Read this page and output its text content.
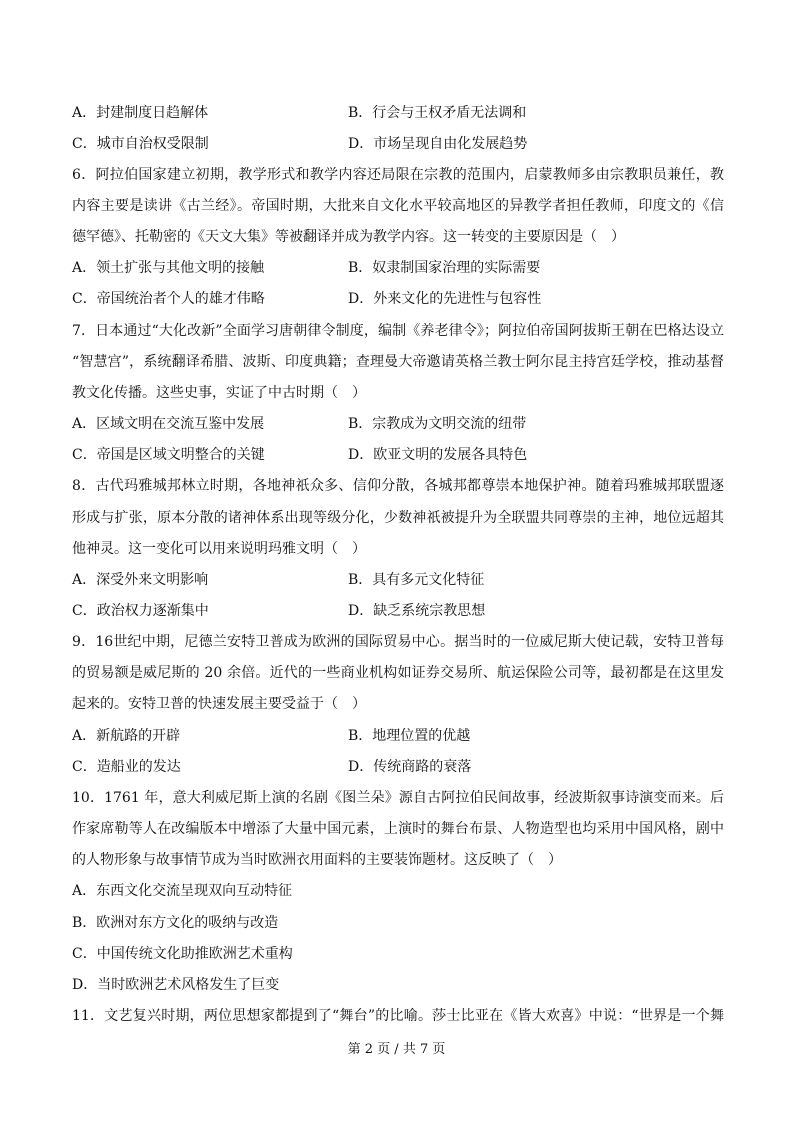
A．封建制度日趋解体	B．行会与王权矛盾无法调和
C．城市自治权受限制	D．市场呈现自由化发展趋势
6．阿拉伯国家建立初期，教学形式和教学内容还局限在宗教的范围内，启蒙教师多由宗教职员兼任，教
内容主要是读讲《古兰经》。帝国时期，大批来自文化水平较高地区的异教学者担任教师，印度文的《信
德罕德》、托勒密的《天文大集》等被翻译并成为教学内容。这一转变的主要原因是（　）
A．领土扩张与其他文明的接触	B．奴隶制国家治理的实际需要
C．帝国统治者个人的雄才伟略	D．外来文化的先进性与包容性
7．日本通过“大化改新”全面学习唐朝律令制度，编制《养老律令》；阿拉伯帝国阿拔斯王朝在巴格达设立
“智慧宫”，系统翻译希腊、波斯、印度典籍；查理曼大帝邀请英格兰教士阿尔昆主持宫廷学校，推动基督
教文化传播。这些史事，实证了中古时期（　）
A．区域文明在交流互鉴中发展	B．宗教成为文明交流的纽带
C．帝国是区域文明整合的关键	D．欧亚文明的发展各具特色
8．古代玛雅城邦林立时期，各地神祇众多、信仰分散，各城邦都尊崇本地保护神。随着玛雅城邦联盟逐
形成与扩张，原本分散的诸神体系出现等级分化，少数神祇被提升为全联盟共同尊崇的主神，地位远超其
他神灵。这一变化可以用来说明玛雅文明（　）
A．深受外来文明影响	B．具有多元文化特征
C．政治权力逐渐集中	D．缺乏系统宗教思想
9．16世纪中期，尼德兰安特卫普成为欧洲的国际贸易中心。据当时的一位威尼斯大使记载，安特卫普每
的贸易额是威尼斯的 20 余倍。近代的一些商业机构如证券交易所、航运保险公司等，最初都是在这里发
起来的。安特卫普的快速发展主要受益于（　）
A．新航路的开辟	B．地理位置的优越
C．造船业的发达	D．传统商路的衰落
10．1761 年，意大利威尼斯上演的名剧《图兰朵》源自古阿拉伯民间故事，经波斯叙事诗演变而来。后
作家席勒等人在改编版本中增添了大量中国元素，上演时的舞台布景、人物造型也均采用中国风格，剧中
的人物形象与故事情节成为当时欧洲衣用面料的主要装饰题材。这反映了（　）
A．东西文化交流呈现双向互动特征
B．欧洲对东方文化的吸纳与改造
C．中国传统文化助推欧洲艺术重构
D．当时欧洲艺术风格发生了巨变
11．文艺复兴时期，两位思想家都提到了“舞台”的比喻。莎士比亚在《皆大欢喜》中说：“世界是一个舞
第 2 页 / 共 7 页
